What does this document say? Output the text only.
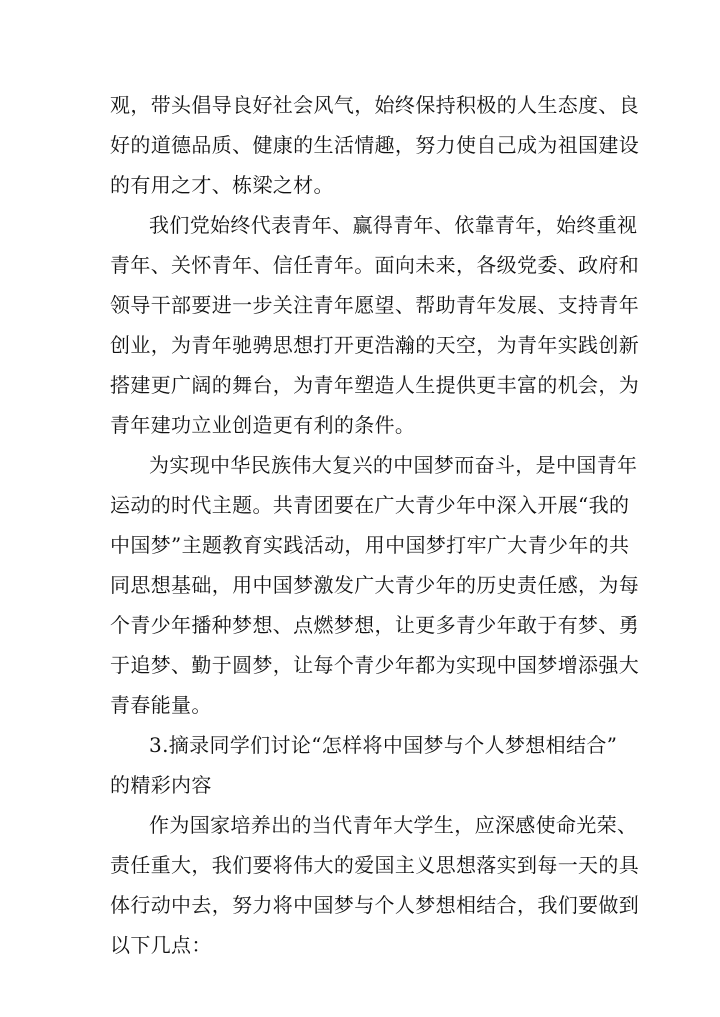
观，带头倡导良好社会风气，始终保持积极的人生态度、良

好的道德品质、健康的生活情趣，努力使自己成为祖国建设

的有用之才、栋梁之材。

我们党始终代表青年、赢得青年、依靠青年，始终重视

青年、关怀青年、信任青年。面向未来，各级党委、政府和

领导干部要进一步关注青年愿望、帮助青年发展、支持青年

创业，为青年驰骋思想打开更浩瀚的天空，为青年实践创新

搭建更广阔的舞台，为青年塑造人生提供更丰富的机会，为

青年建功立业创造更有利的条件。

为实现中华民族伟大复兴的中国梦而奋斗，是中国青年

运动的时代主题。共青团要在广大青少年中深入开展“我的

中国梦”主题教育实践活动，用中国梦打牢广大青少年的共

同思想基础，用中国梦激发广大青少年的历史责任感，为每

个青少年播种梦想、点燃梦想，让更多青少年敢于有梦、勇

于追梦、勤于圆梦，让每个青少年都为实现中国梦增添强大

青春能量。

3.摘录同学们讨论“怎样将中国梦与个人梦想相结合”

的精彩内容

作为国家培养出的当代青年大学生，应深感使命光荣、

责任重大，我们要将伟大的爱国主义思想落实到每一天的具

体行动中去，努力将中国梦与个人梦想相结合，我们要做到

以下几点：
